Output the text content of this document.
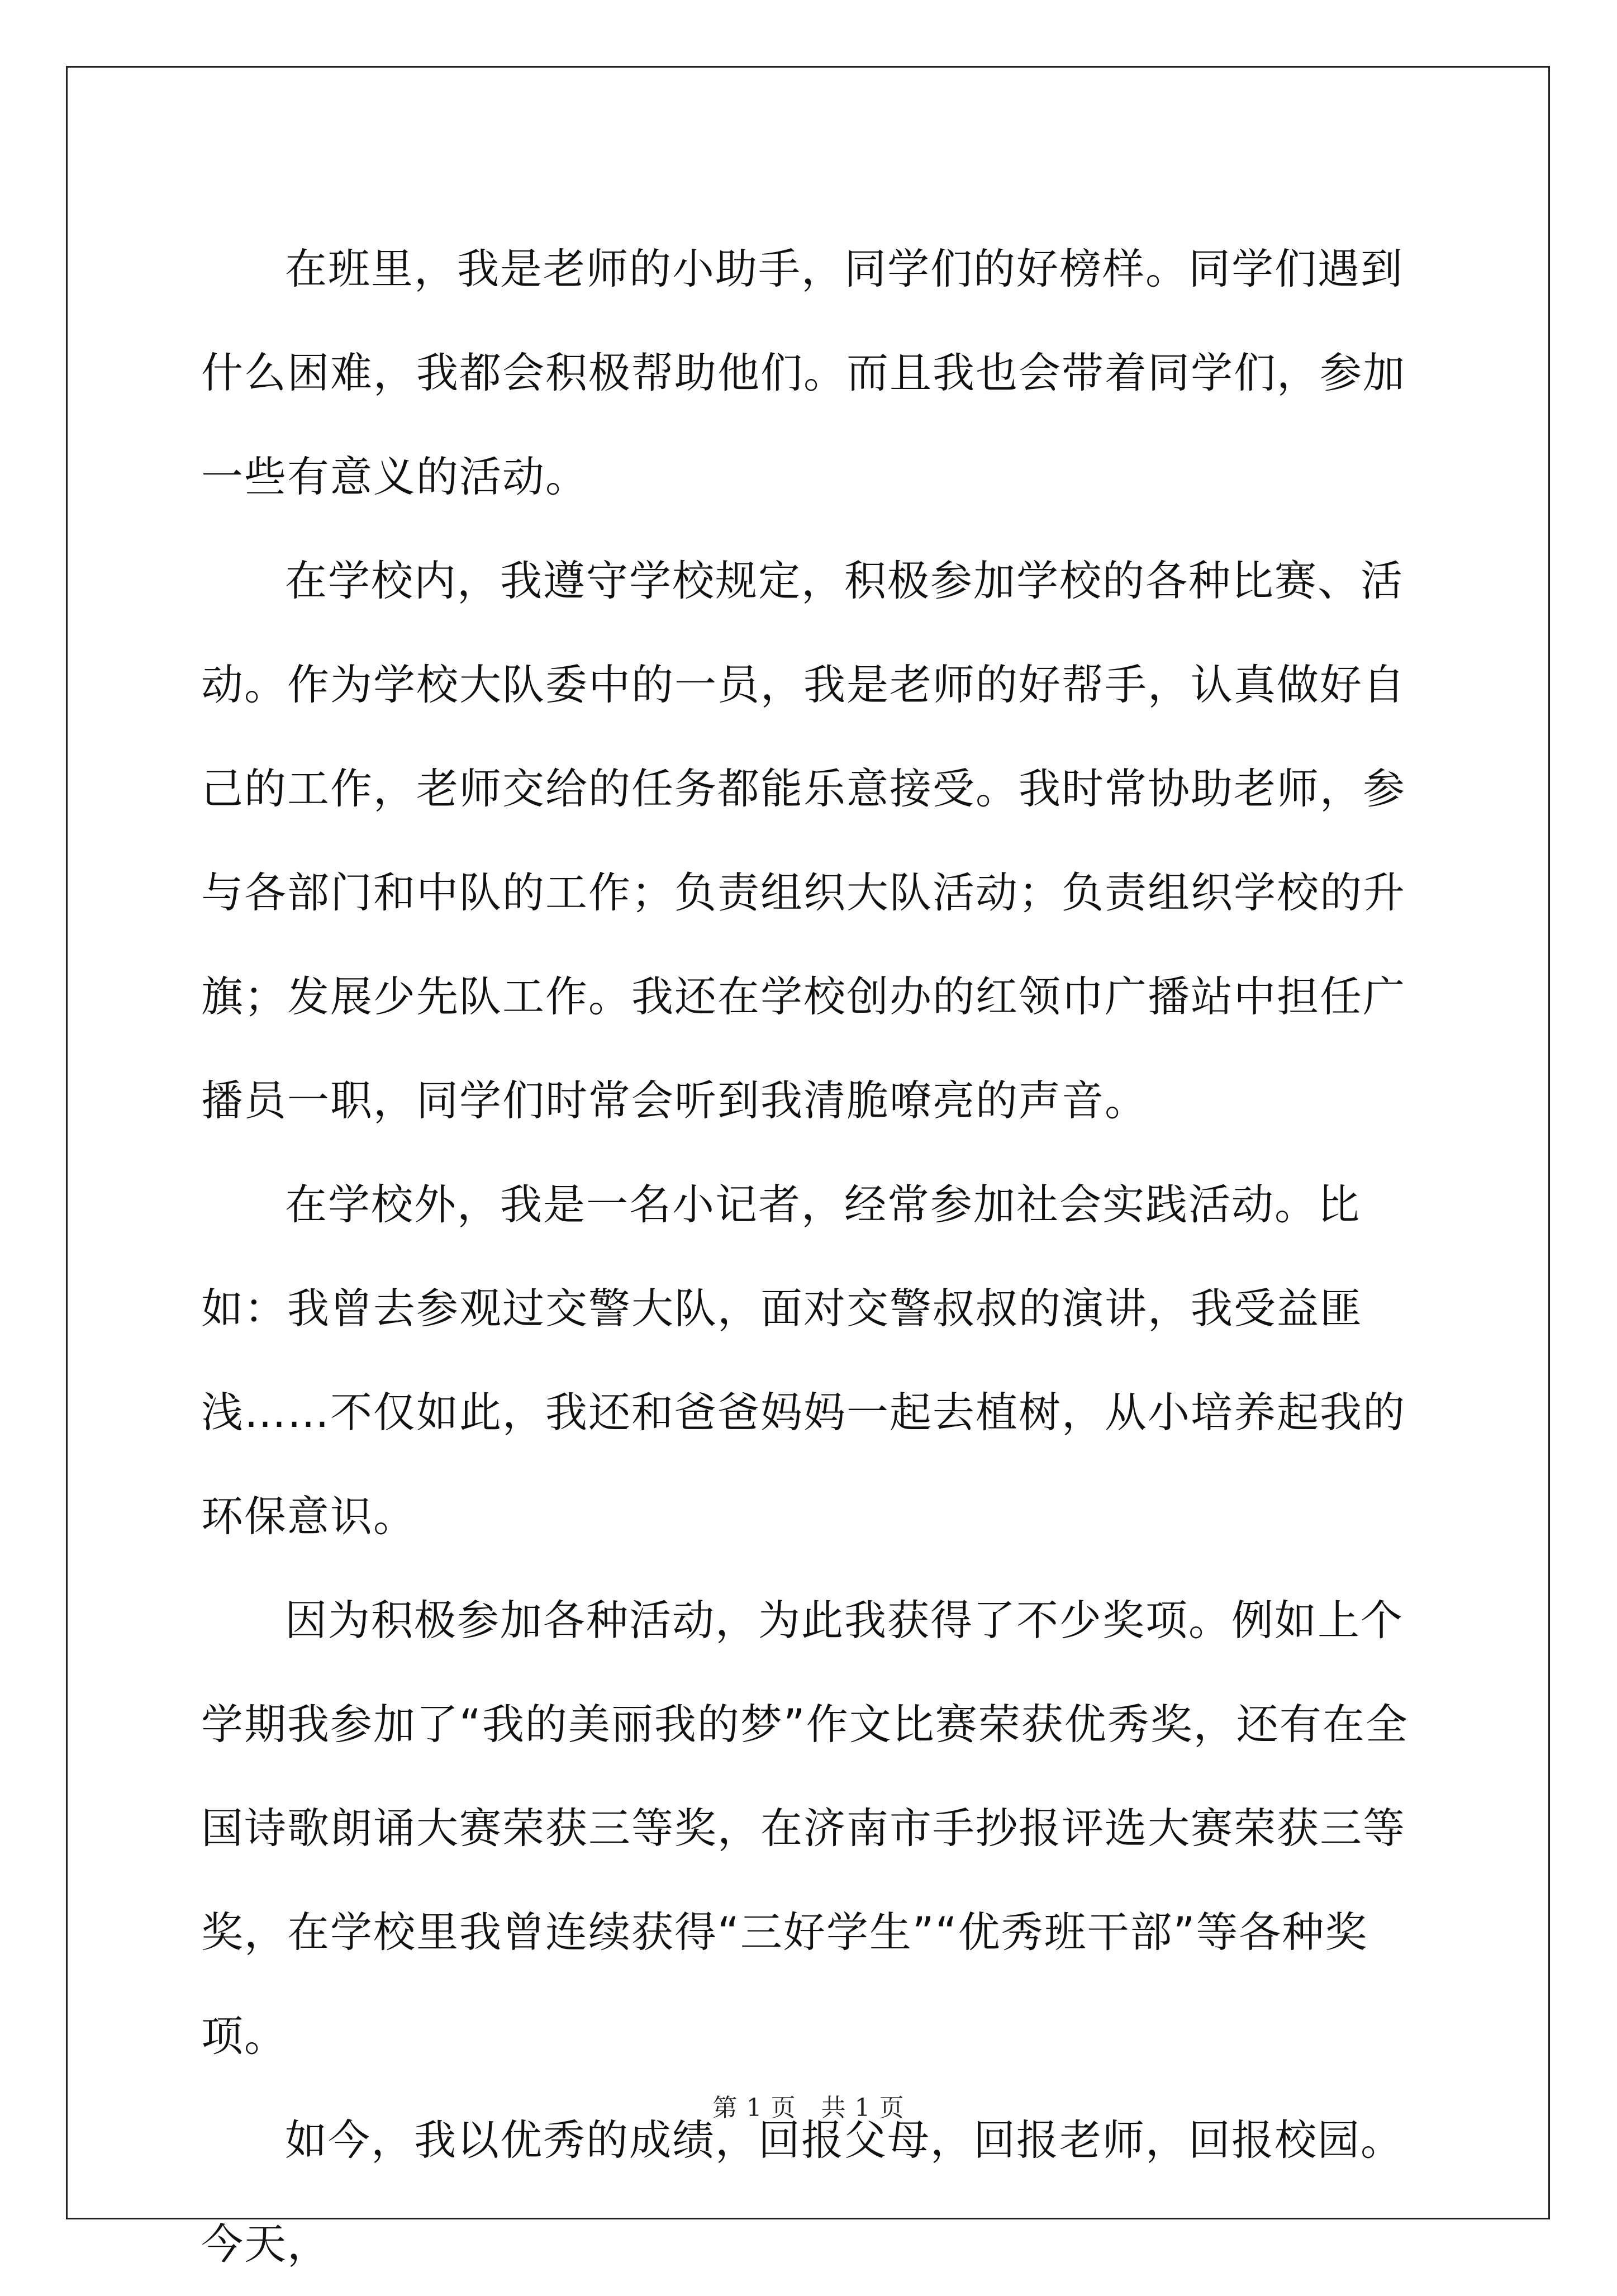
在班里，我是老师的小助手，同学们的好榜样。同学们遇到什么困难，我都会积极帮助他们。而且我也会带着同学们，参加一些有意义的活动。

在学校内，我遵守学校规定，积极参加学校的各种比赛、活动。作为学校大队委中的一员，我是老师的好帮手，认真做好自己的工作，老师交给的任务都能乐意接受。我时常协助老师，参与各部门和中队的工作；负责组织大队活动；负责组织学校的升旗；发展少先队工作。我还在学校创办的红领巾广播站中担任广播员一职，同学们时常会听到我清脆嘹亮的声音。

在学校外，我是一名小记者，经常参加社会实践活动。比如：我曾去参观过交警大队，面对交警叔叔的演讲，我受益匪浅……不仅如此，我还和爸爸妈妈一起去植树，从小培养起我的环保意识。

因为积极参加各种活动，为此我获得了不少奖项。例如上个学期我参加了“我的美丽我的梦”作文比赛荣获优秀奖，还有在全国诗歌朗诵大赛荣获三等奖，在济南市手抄报评选大赛荣获三等奖，在学校里我曾连续获得“三好学生”“优秀班干部”等各种奖项。

如今，我以优秀的成绩，回报父母，回报老师，回报校园。今天，

第 1 页　共 1 页
